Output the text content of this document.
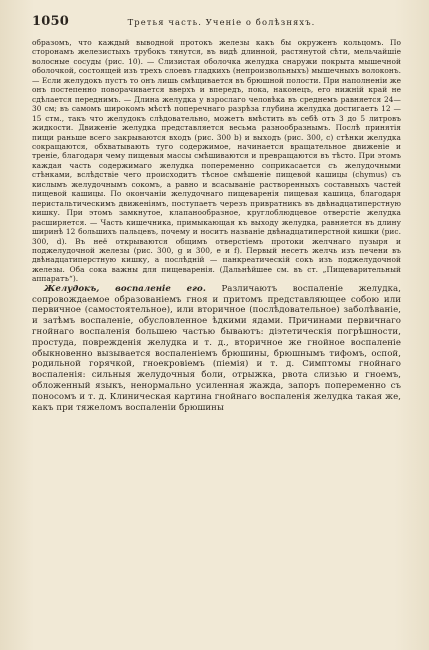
1050	Третья часть. Ученiе о болѣзняхъ.

образомъ, что каждый выводной протокъ железы какъ бы окруженъ кольцомъ. По сторонамъ железистыхъ трубокъ тянутся, въ видѣ длинной, растянутой сѣти, мельчайшiе волосные сосуды (рис. 10). — Слизистая оболочка желудка снаружи покрыта мышечной оболочкой, состоящей изъ трехъ слоевъ гладкихъ (непроизвольныхъ) мышечныхъ волоконъ. — Если желудокъ пустъ то онъ лишь смѣщивается въ брюшной полости. При наполненiи же онъ постепенно поворачивается вверхъ и впередъ, пока, наконецъ, его нижнiй край не сдѣлается переднимъ. — Длина желудка у взрослаго человѣка въ среднемъ равняется 24—30 см; въ самомъ широкомъ мѣстѣ поперечнаго разрѣза глубина желудка достигаетъ 12 — 15 стм., такъ что желудокъ слѣдовательно, можетъ вмѣстить въ себѣ отъ 3 до 5 литровъ жидкости. Движенiе желудка представляется весьма разнообразнымъ. Послѣ принятiя пищи раньше всего закрываются входъ (рис. 300 b) и выходъ (рис. 300, c) стѣнки желудка сокращаются, обхватывають туго содержимое, начинается вращательное движенiе и тренiе, благодаря чему пищевыя массы смѣшиваются и превращаются въ тѣсто. При этомъ каждая часть содержимаго желудка попеременно соприкасается съ желудочными стѣнками, вслѣдствiе чего происходитъ тѣсное смѣшенiе пищевой кашицы (chymus) съ кислымъ желудочнымъ сокомъ, а равно и всасыванiе растворенныхъ составныхъ частей пищевой кашицы. По окончанiи желудочнаго пищеваренiя пищевая кашица, благодаря перистальтическимъ движенiямъ, поступаетъ черезъ привратникъ въ двѣнадцатиперстную кишку. При этомъ замкнутое, клапанообразное, круглоблюдцевое отверстiе желудка расширяется. — Часть кишечника, примыкающая къ выходу желудка, равняется въ длину ширинѣ 12 большихъ пальцевъ, почему и носитъ названiе двѣнадцатиперстной кишки (рис. 300, d). Въ неё открываются общимъ отверстiемъ протоки желчнаго пузыря и поджелудочной железы (рис. 300, g и 300, e и f). Первый несетъ желчь изъ печени въ двѣнадцатиперстную кишку, а послѣднiй — панкреатическiй сокъ изъ поджелудочной железы. Оба сока важны для пищеваренiя. (Дальнѣйшее см. въ ст. „Пищеварительный аппаратъ“).

Желудокъ, воспаленiе его. Различаютъ воспаленiе желудка, сопровождаемое образованiемъ гноя и притомъ представляющее собою или первичное (самостоятельное), или вторичное (послѣдовательное) заболѣванiе, и затѣмъ воспаленiе, обусловленное ѣдкими ядами. Причинами первичнаго гнойнаго воспаленiя большею частью бываютъ: дiэтетическiя погрѣшности, простуда, поврежденiя желудка и т. д., вторичное же гнойное воспаленiе обыкновенно вызывается воспаленiемъ брюшины, брюшнымъ тифомъ, оспой, родильной горячкой, гноекровiемъ (пiемiя) и т. д. Симптомы гнойнаго воспаленiя: сильныя желудочныя боли, отрыжка, рвота слизью и гноемъ, обложенный языкъ, ненормально усиленная жажда, запоръ попеременно съ поносомъ и т. д. Клиническая картина гнойнаго воспаленiя желудка такая же, какъ при тяжеломъ воспаленiи брюшины
